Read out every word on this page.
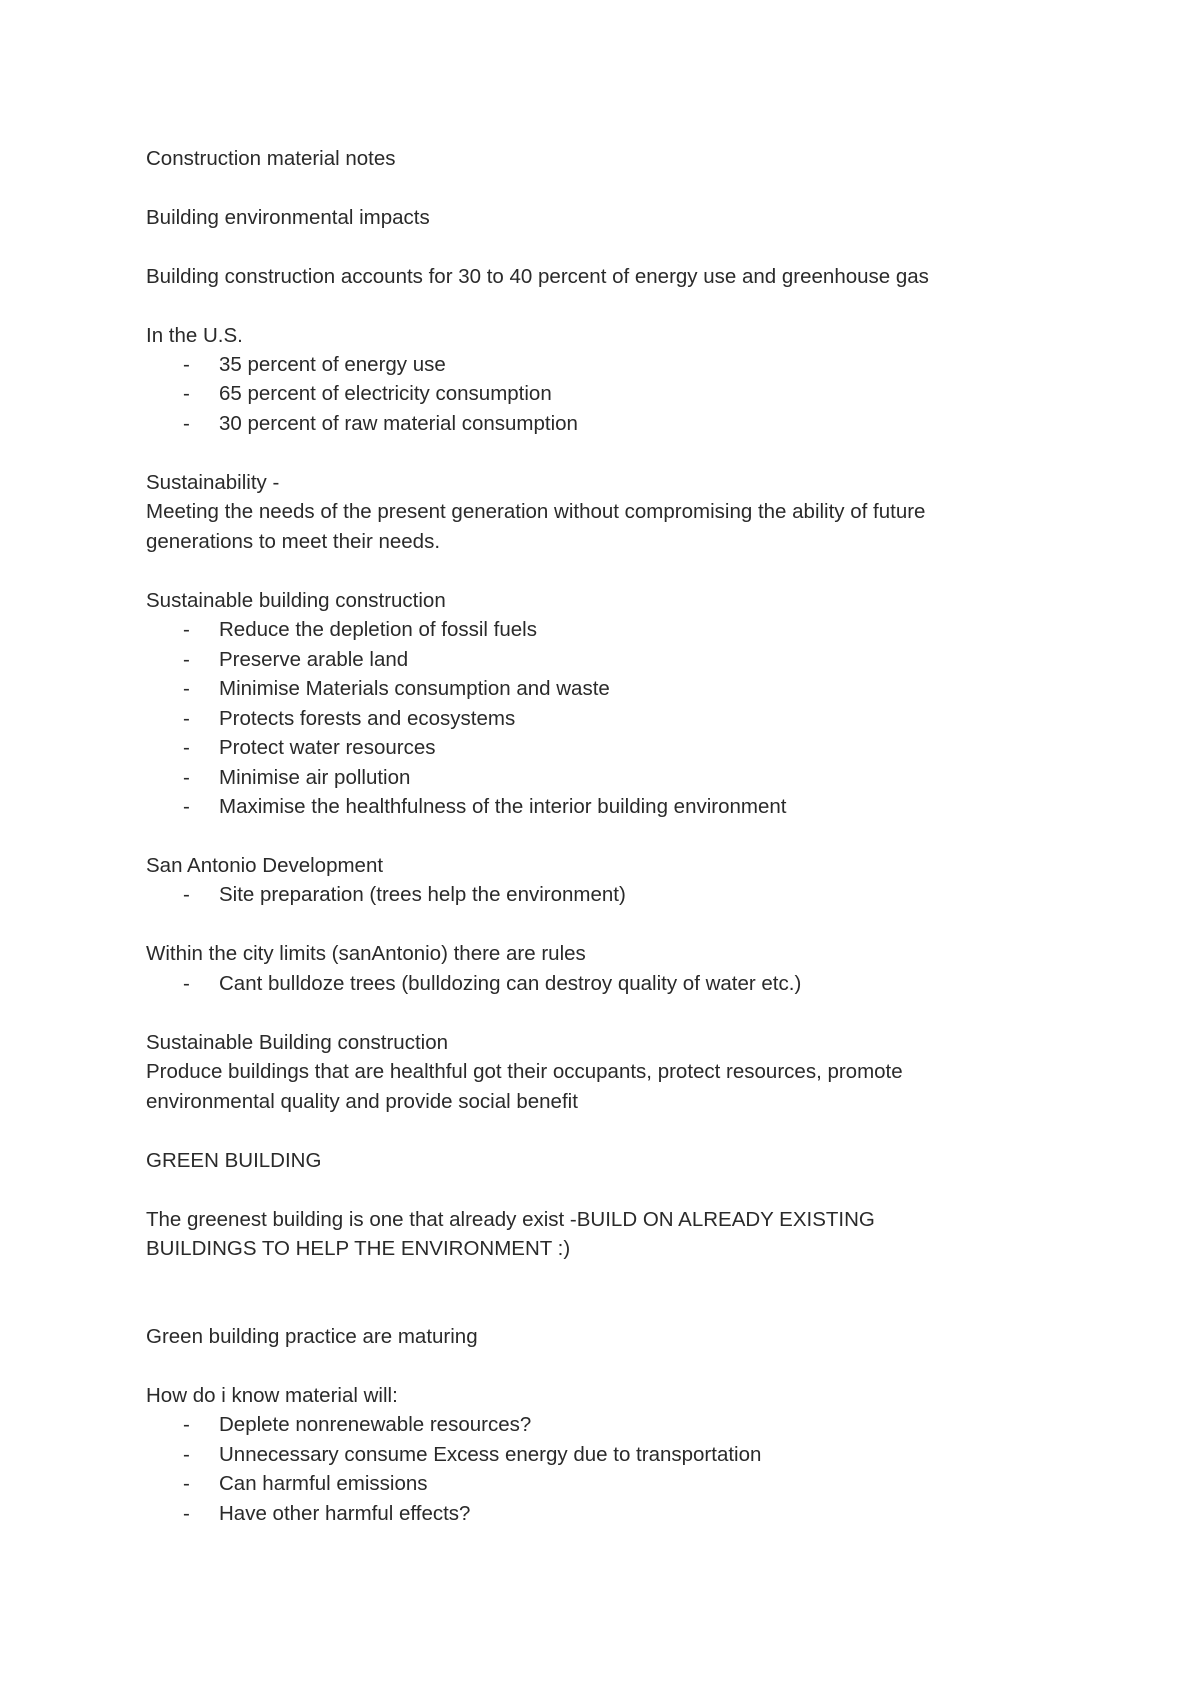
Construction material notes
Building environmental impacts
Building construction accounts for 30 to 40 percent of energy use and greenhouse gas
In the U.S.
- 35 percent of energy use
- 65 percent of electricity consumption
- 30 percent of raw material consumption
Sustainability -
Meeting the needs of the present generation without compromising the ability of future
generations to meet their needs.
Sustainable building construction
- Reduce the depletion of fossil fuels
- Preserve arable land
- Minimise Materials consumption and waste
- Protects forests and ecosystems
- Protect water resources
- Minimise air pollution
- Maximise the healthfulness of the interior building environment
San Antonio Development
- Site preparation (trees help the environment)
Within the city limits (sanAntonio) there are rules
- Cant bulldoze trees (bulldozing can destroy quality of water etc.)
Sustainable Building construction
Produce buildings that are healthful got their occupants, protect resources, promote
environmental quality and provide social benefit
GREEN BUILDING
The greenest building is one that already exist -BUILD ON ALREADY EXISTING
BUILDINGS TO HELP THE ENVIRONMENT :)
Green building practice are maturing
How do i know material will:
- Deplete nonrenewable resources?
- Unnecessary consume Excess energy due to transportation
- Can harmful emissions
- Have other harmful effects?
